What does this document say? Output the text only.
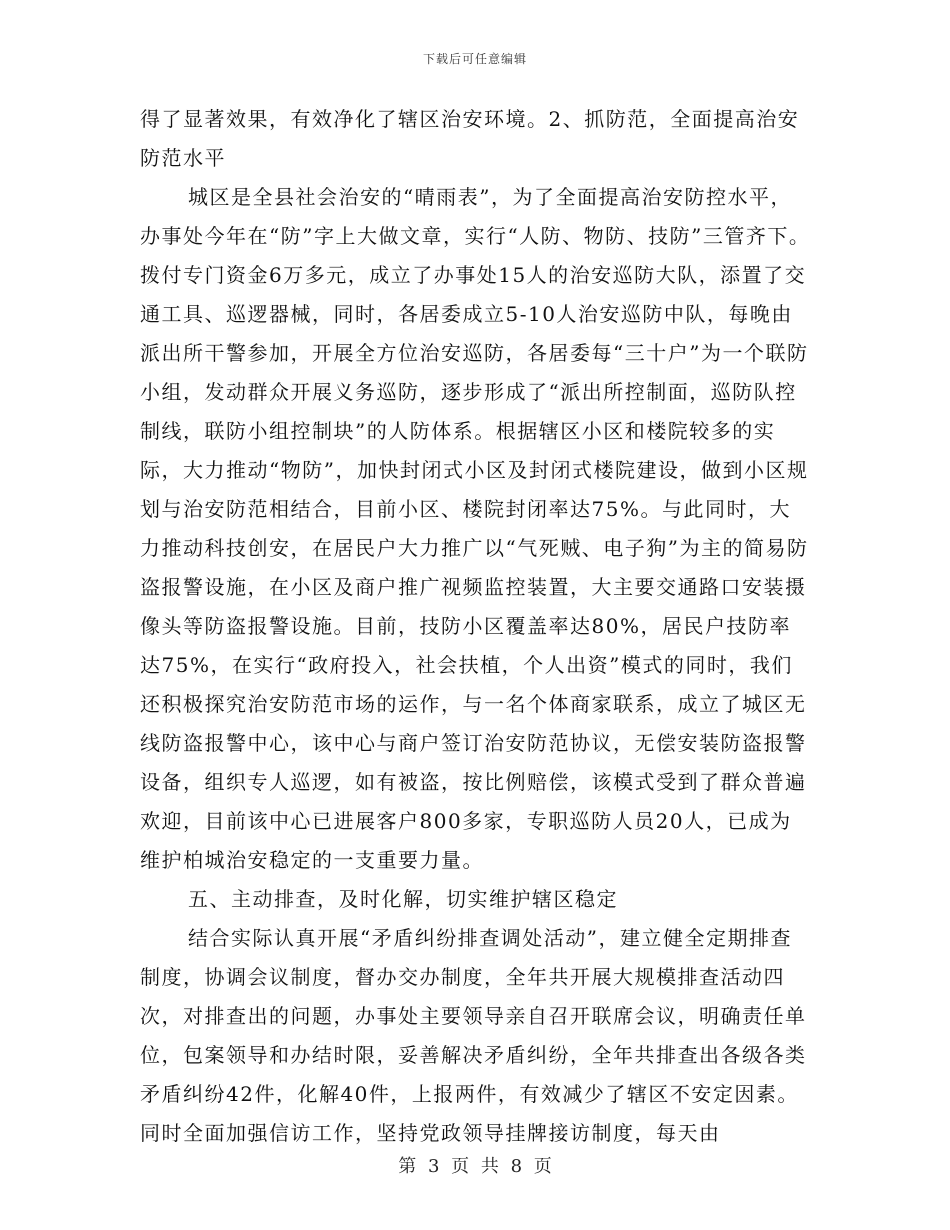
下载后可任意编辑

得了显著效果，有效净化了辖区治安环境。2、抓防范，全面提高治安防范水平

城区是全县社会治安的“晴雨表”，为了全面提高治安防控水平，办事处今年在“防”字上大做文章，实行“人防、物防、技防”三管齐下。拨付专门资金6万多元，成立了办事处15人的治安巡防大队，添置了交通工具、巡逻器械，同时，各居委成立5-10人治安巡防中队，每晚由派出所干警参加，开展全方位治安巡防，各居委每“三十户”为一个联防小组，发动群众开展义务巡防，逐步形成了“派出所控制面，巡防队控制线，联防小组控制块”的人防体系。根据辖区小区和楼院较多的实际，大力推动“物防”，加快封闭式小区及封闭式楼院建设，做到小区规划与治安防范相结合，目前小区、楼院封闭率达75%。与此同时，大力推动科技创安，在居民户大力推广以“气死贼、电子狗”为主的简易防盗报警设施，在小区及商户推广视频监控装置，大主要交通路口安装摄像头等防盗报警设施。目前，技防小区覆盖率达80%，居民户技防率达75%，在实行“政府投入，社会扶植，个人出资”模式的同时，我们还积极探究治安防范市场的运作，与一名个体商家联系，成立了城区无线防盗报警中心，该中心与商户签订治安防范协议，无偿安装防盗报警设备，组织专人巡逻，如有被盗，按比例赔偿，该模式受到了群众普遍欢迎，目前该中心已进展客户800多家，专职巡防人员20人，已成为维护柏城治安稳定的一支重要力量。

五、主动排查，及时化解，切实维护辖区稳定

结合实际认真开展“矛盾纠纷排查调处活动”，建立健全定期排查制度，协调会议制度，督办交办制度，全年共开展大规模排查活动四次，对排查出的问题，办事处主要领导亲自召开联席会议，明确责任单位，包案领导和办结时限，妥善解决矛盾纠纷，全年共排查出各级各类矛盾纠纷42件，化解40件，上报两件，有效减少了辖区不安定因素。同时全面加强信访工作，坚持党政领导挂牌接访制度，每天由

第 3 页 共 8 页
